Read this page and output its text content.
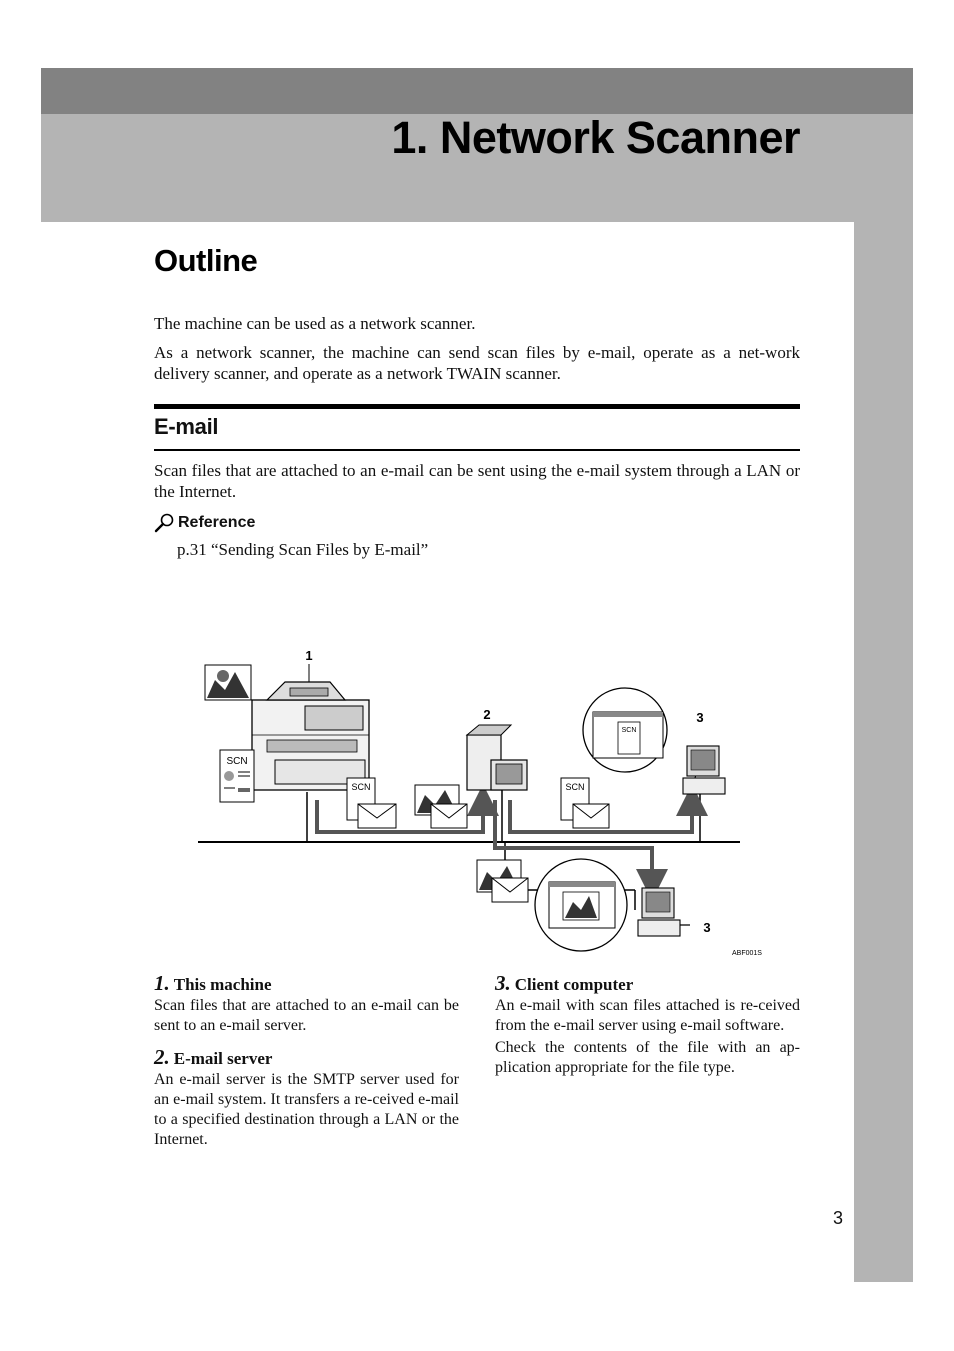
1. Network Scanner
Outline

The machine can be used as a network scanner.

As a network scanner, the machine can send scan files by e-mail, operate as a net-work delivery scanner, and operate as a network TWAIN scanner.

E-mail

Scan files that are attached to an e-mail can be sent using the e-mail system through a LAN or the Internet.

Reference

p.31 “Sending Scan Files by E-mail”

SCN
SCN	SCN
SCN
1
2	3
3
ABF001S

1. This machine

Scan files that are attached to an e-mail can be sent to an e-mail server.

2. E-mail server

An e-mail server is the SMTP server used for an e-mail system. It transfers a re-ceived e-mail to a specified destination through a LAN or the Internet.

3. Client computer

An e-mail with scan files attached is re-ceived from the e-mail server using e-mail software.

Check the contents of the file with an ap-plication appropriate for the file type.

3
